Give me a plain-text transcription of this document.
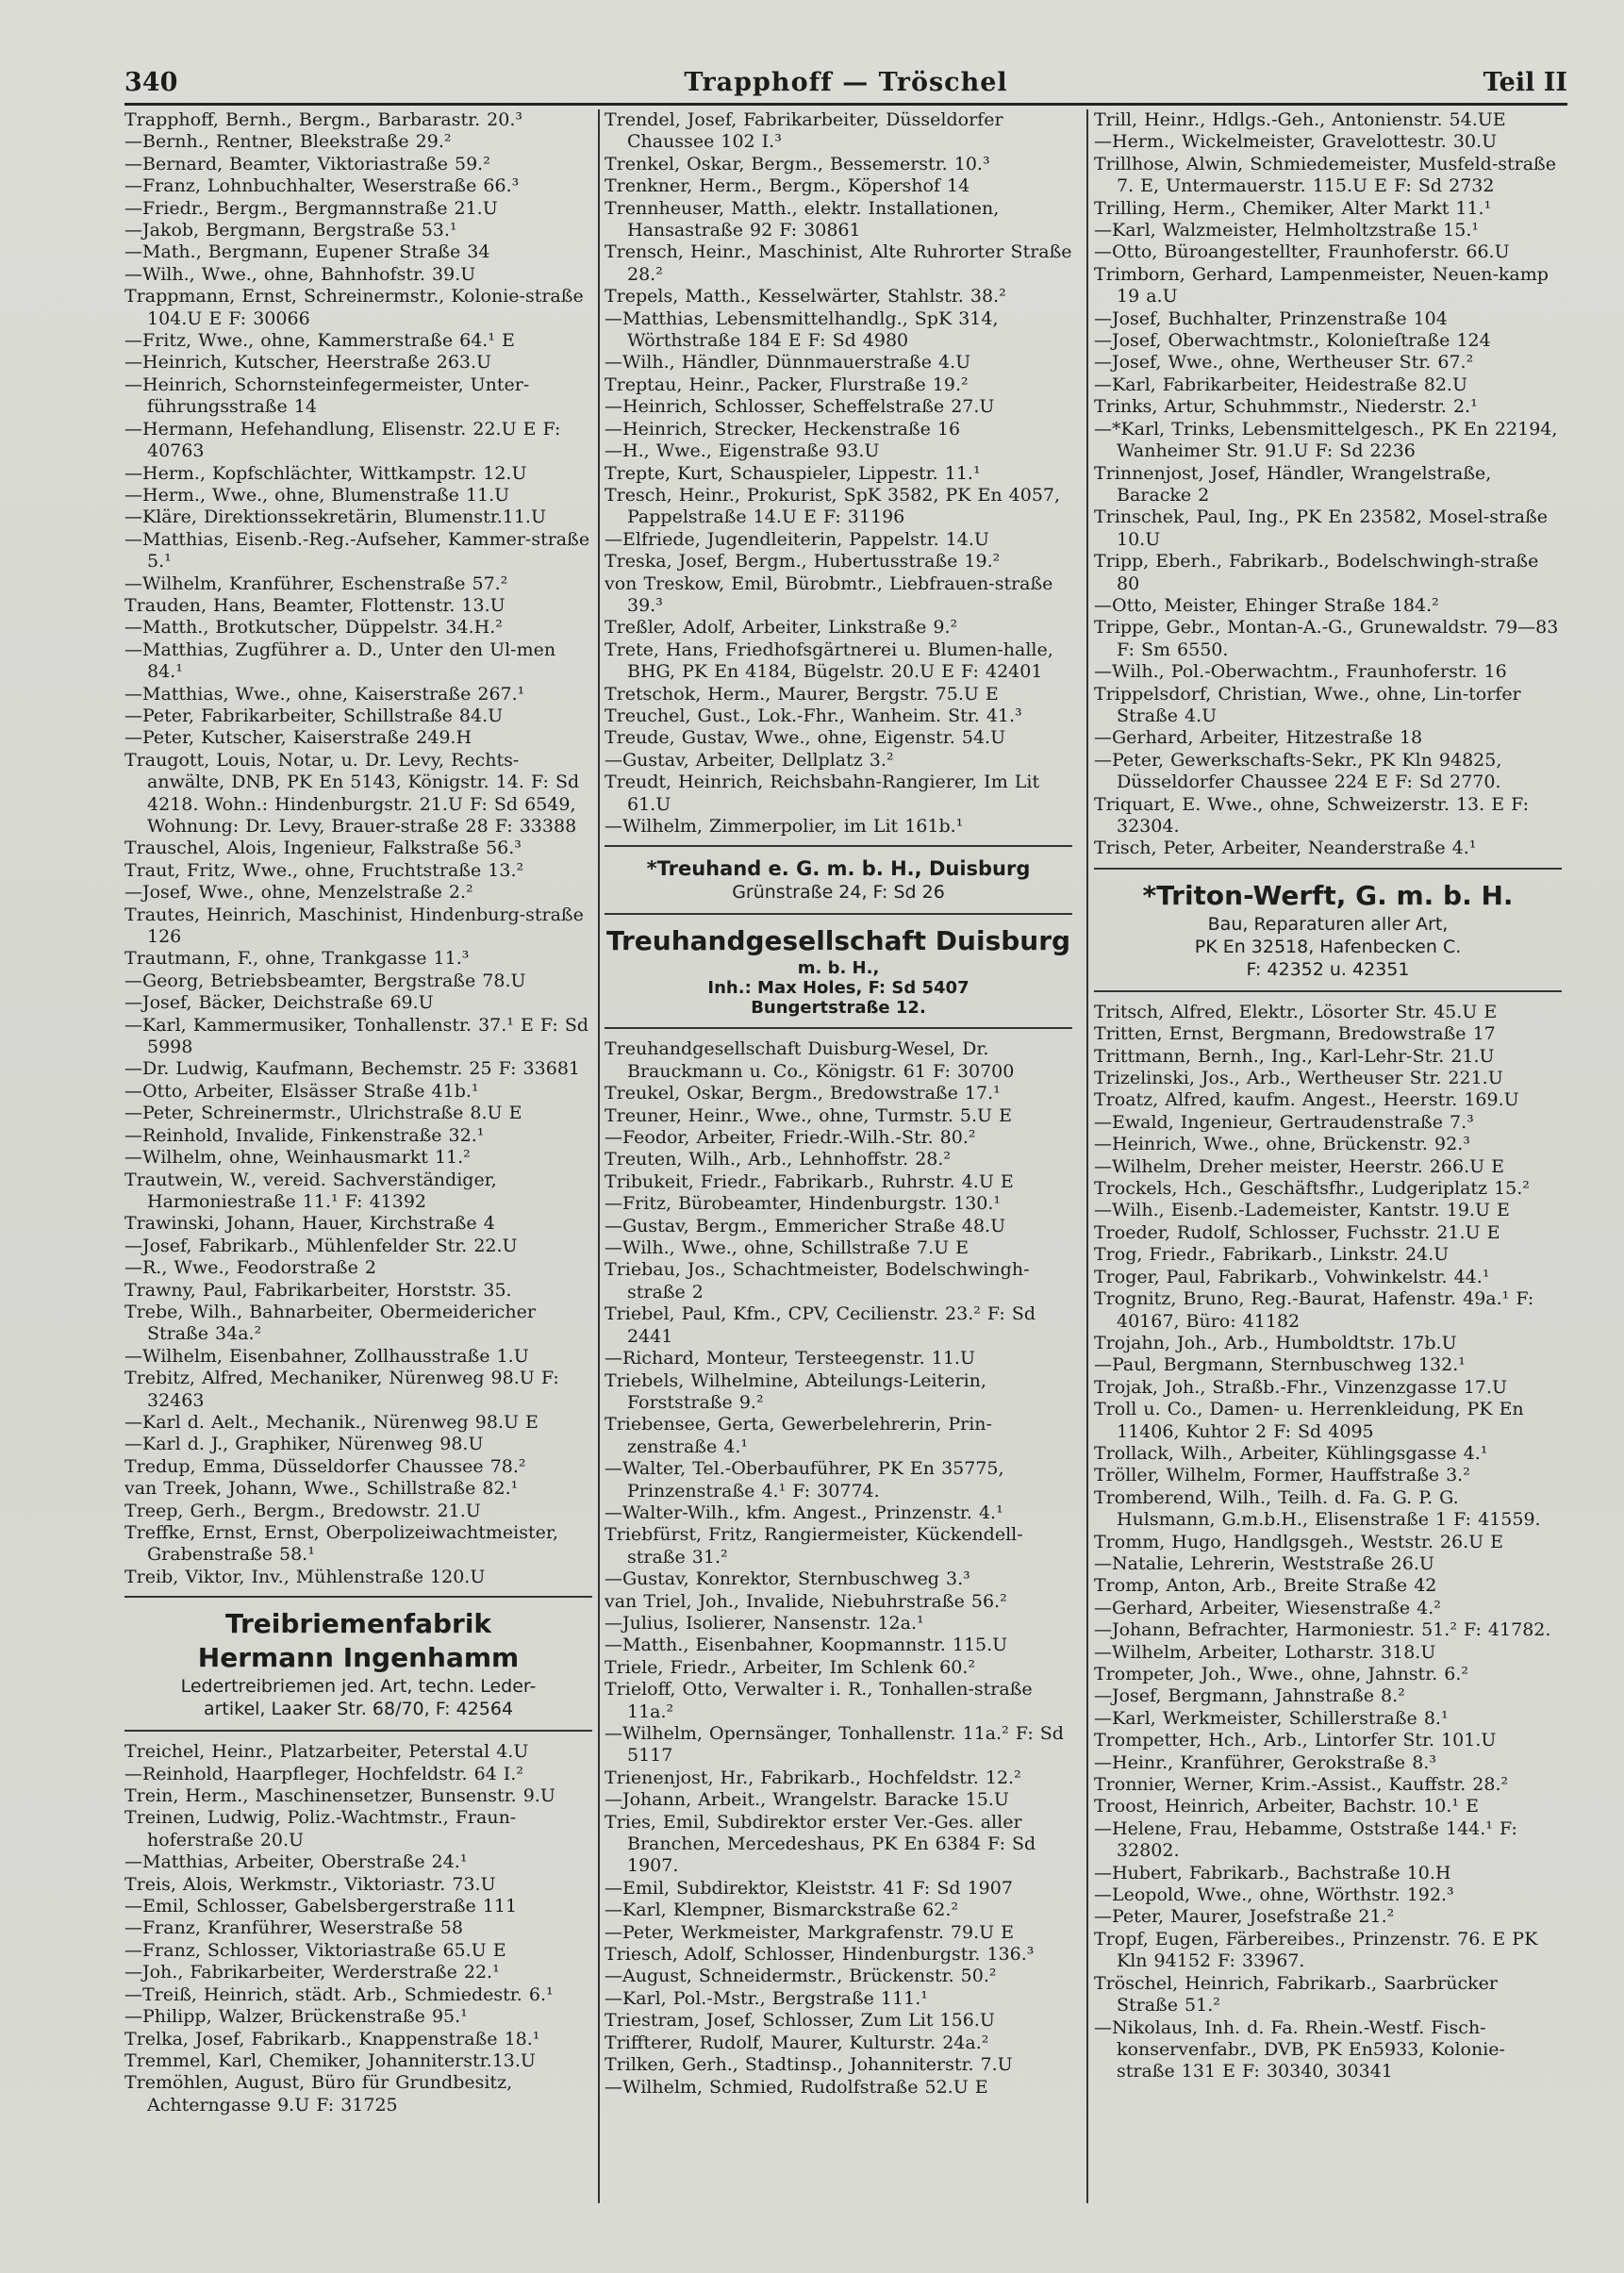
340	Trapphoff — Tröschel	Teil II
Trapphoff, Bernh., Bergm., Barbarastr. 20.³
—Bernh., Rentner, Bleekstraße 29.²
—Bernard, Beamter, Viktoriastraße 59.²
—Franz, Lohnbuchhalter, Weserstraße 66.³
—Friedr., Bergm., Bergmannstraße 21.U
—Jakob, Bergmann, Bergstraße 53.¹
—Math., Bergmann, Eupener Straße 34
—Wilh., Wwe., ohne, Bahnhofstr. 39.U
Trappmann, Ernst, Schreinermstr., Kolonie-straße 104.U E F: 30066
—Fritz, Wwe., ohne, Kammerstraße 64.¹ E
—Heinrich, Kutscher, Heerstraße 263.U
—Heinrich, Schornsteinfegermeister, Unter-führungsstraße 14
—Hermann, Hefehandlung, Elisenstr. 22.U E F: 40763
—Herm., Kopfschlächter, Wittkampstr. 12.U
—Herm., Wwe., ohne, Blumenstraße 11.U
—Kläre, Direktionssekretärin, Blumenstr.11.U
—Matthias, Eisenb.-Reg.-Aufseher, Kammer-straße 5.¹
—Wilhelm, Kranführer, Eschenstraße 57.²
Trauden, Hans, Beamter, Flottenstr. 13.U
—Matth., Brotkutscher, Düppelstr. 34.H.²
—Matthias, Zugführer a. D., Unter den Ul-men 84.¹
—Matthias, Wwe., ohne, Kaiserstraße 267.¹
—Peter, Fabrikarbeiter, Schillstraße 84.U
—Peter, Kutscher, Kaiserstraße 249.H
Traugott, Louis, Notar, u. Dr. Levy, Rechts-anwälte, DNB, PK En 5143, Königstr. 14. F: Sd 4218. Wohn.: Hindenburgstr. 21.U F: Sd 6549, Wohnung: Dr. Levy, Brauer-straße 28 F: 33388
Trauschel, Alois, Ingenieur, Falkstraße 56.³
Traut, Fritz, Wwe., ohne, Fruchtstraße 13.²
—Josef, Wwe., ohne, Menzelstraße 2.²
Trautes, Heinrich, Maschinist, Hindenburg-straße 126
Trautmann, F., ohne, Trankgasse 11.³
—Georg, Betriebsbeamter, Bergstraße 78.U
—Josef, Bäcker, Deichstraße 69.U
—Karl, Kammermusiker, Tonhallenstr. 37.¹ E F: Sd 5998
—Dr. Ludwig, Kaufmann, Bechemstr. 25 F: 33681
—Otto, Arbeiter, Elsässer Straße 41b.¹
—Peter, Schreinermstr., Ulrichstraße 8.U E
—Reinhold, Invalide, Finkenstraße 32.¹
—Wilhelm, ohne, Weinhausmarkt 11.²
Trautwein, W., vereid. Sachverständiger, Harmoniestraße 11.¹ F: 41392
Trawinski, Johann, Hauer, Kirchstraße 4
—Josef, Fabrikarb., Mühlenfelder Str. 22.U
—R., Wwe., Feodorstraße 2
Trawny, Paul, Fabrikarbeiter, Horststr. 35.
Trebe, Wilh., Bahnarbeiter, Obermeidericher Straße 34a.²
—Wilhelm, Eisenbahner, Zollhausstraße 1.U
Trebitz, Alfred, Mechaniker, Nürenweg 98.U F: 32463
—Karl d. Aelt., Mechanik., Nürenweg 98.U E
—Karl d. J., Graphiker, Nürenweg 98.U
Tredup, Emma, Düsseldorfer Chaussee 78.²
van Treek, Johann, Wwe., Schillstraße 82.¹
Treep, Gerh., Bergm., Bredowstr. 21.U
Treffke, Ernst, Ernst, Oberpolizeiwachtmeister, Grabenstraße 58.¹
Treib, Viktor, Inv., Mühlenstraße 120.U
Treibriemenfabrik
Hermann Ingenhamm
Ledertreibriemen jed. Art, techn. Leder-
artikel, Laaker Str. 68/70, F: 42564
Treichel, Heinr., Platzarbeiter, Peterstal 4.U
—Reinhold, Haarpfleger, Hochfeldstr. 64 I.²
Trein, Herm., Maschinensetzer, Bunsenstr. 9.U
Treinen, Ludwig, Poliz.-Wachtmstr., Fraun-hoferstraße 20.U
—Matthias, Arbeiter, Oberstraße 24.¹
Treis, Alois, Werkmstr., Viktoriastr. 73.U
—Emil, Schlosser, Gabelsbergerstraße 111
—Franz, Kranführer, Weserstraße 58
—Franz, Schlosser, Viktoriastraße 65.U E
—Joh., Fabrikarbeiter, Werderstraße 22.¹
—Treiß, Heinrich, städt. Arb., Schmiedestr. 6.¹
—Philipp, Walzer, Brückenstraße 95.¹
Trelka, Josef, Fabrikarb., Knappenstraße 18.¹
Tremmel, Karl, Chemiker, Johanniterstr.13.U
Tremöhlen, August, Büro für Grundbesitz, Achterngasse 9.U F: 31725
Trendel, Josef, Fabrikarbeiter, Düsseldorfer Chaussee 102 I.³
Trenkel, Oskar, Bergm., Bessemerstr. 10.³
Trenkner, Herm., Bergm., Köpershof 14
Trennheuser, Matth., elektr. Installationen, Hansastraße 92 F: 30861
Trensch, Heinr., Maschinist, Alte Ruhrorter Straße 28.²
Trepels, Matth., Kesselwärter, Stahlstr. 38.²
—Matthias, Lebensmittelhandlg., SpK 314, Wörthstraße 184 E F: Sd 4980
—Wilh., Händler, Dünnmauerstraße 4.U
Treptau, Heinr., Packer, Flurstraße 19.²
—Heinrich, Schlosser, Scheffelstraße 27.U
—Heinrich, Strecker, Heckenstraße 16
—H., Wwe., Eigenstraße 93.U
Trepte, Kurt, Schauspieler, Lippestr. 11.¹
Tresch, Heinr., Prokurist, SpK 3582, PK En 4057, Pappelstraße 14.U E F: 31196
—Elfriede, Jugendleiterin, Pappelstr. 14.U
Treska, Josef, Bergm., Hubertusstraße 19.²
von Treskow, Emil, Bürobmtr., Liebfrauen-straße 39.³
Treßler, Adolf, Arbeiter, Linkstraße 9.²
Trete, Hans, Friedhofsgärtnerei u. Blumen-halle, BHG, PK En 4184, Bügelstr. 20.U E F: 42401
Tretschok, Herm., Maurer, Bergstr. 75.U E
Treuchel, Gust., Lok.-Fhr., Wanheim. Str. 41.³
Treude, Gustav, Wwe., ohne, Eigenstr. 54.U
—Gustav, Arbeiter, Dellplatz 3.²
Treudt, Heinrich, Reichsbahn-Rangierer, Im Lit 61.U
—Wilhelm, Zimmerpolier, im Lit 161b.¹
*Treuhand e. G. m. b. H., Duisburg
Grünstraße 24, F: Sd 26
Treuhandgesellschaft Duisburg
m. b. H.,
Inh.: Max Holes, F: Sd 5407
Bungertstraße 12.
Treuhandgesellschaft Duisburg-Wesel, Dr. Brauckmann u. Co., Königstr. 61 F: 30700
Treukel, Oskar, Bergm., Bredowstraße 17.¹
Treuner, Heinr., Wwe., ohne, Turmstr. 5.U E
—Feodor, Arbeiter, Friedr.-Wilh.-Str. 80.²
Treuten, Wilh., Arb., Lehnhoffstr. 28.²
Tribukeit, Friedr., Fabrikarb., Ruhrstr. 4.U E
—Fritz, Bürobeamter, Hindenburgstr. 130.¹
—Gustav, Bergm., Emmericher Straße 48.U
—Wilh., Wwe., ohne, Schillstraße 7.U E
Triebau, Jos., Schachtmeister, Bodelschwingh-straße 2
Triebel, Paul, Kfm., CPV, Cecilienstr. 23.² F: Sd 2441
—Richard, Monteur, Tersteegenstr. 11.U
Triebels, Wilhelmine, Abteilungs-Leiterin, Forststraße 9.²
Triebensee, Gerta, Gewerbelehrerin, Prin-zenstraße 4.¹
—Walter, Tel.-Oberbauführer, PK En 35775, Prinzenstraße 4.¹ F: 30774.
—Walter-Wilh., kfm. Angest., Prinzenstr. 4.¹
Triebfürst, Fritz, Rangiermeister, Kückendell-straße 31.²
—Gustav, Konrektor, Sternbuschweg 3.³
van Triel, Joh., Invalide, Niebuhrstraße 56.²
—Julius, Isolierer, Nansenstr. 12a.¹
—Matth., Eisenbahner, Koopmannstr. 115.U
Triele, Friedr., Arbeiter, Im Schlenk 60.²
Trieloff, Otto, Verwalter i. R., Tonhallen-straße 11a.²
—Wilhelm, Opernsänger, Tonhallenstr. 11a.² F: Sd 5117
Trienenjost, Hr., Fabrikarb., Hochfeldstr. 12.²
—Johann, Arbeit., Wrangelstr. Baracke 15.U
Tries, Emil, Subdirektor erster Ver.-Ges. aller Branchen, Mercedeshaus, PK En 6384 F: Sd 1907.
—Emil, Subdirektor, Kleiststr. 41 F: Sd 1907
—Karl, Klempner, Bismarckstraße 62.²
—Peter, Werkmeister, Markgrafenstr. 79.U E
Triesch, Adolf, Schlosser, Hindenburgstr. 136.³
—August, Schneidermstr., Brückenstr. 50.²
—Karl, Pol.-Mstr., Bergstraße 111.¹
Triestram, Josef, Schlosser, Zum Lit 156.U
Triffterer, Rudolf, Maurer, Kulturstr. 24a.²
Trilken, Gerh., Stadtinsp., Johanniterstr. 7.U
—Wilhelm, Schmied, Rudolfstraße 52.U E
Trill, Heinr., Hdlgs.-Geh., Antonienstr. 54.UE
—Herm., Wickelmeister, Gravelottestr. 30.U
Trillhose, Alwin, Schmiedemeister, Musfeld-straße 7. E, Untermauerstr. 115.U E F: Sd 2732
Trilling, Herm., Chemiker, Alter Markt 11.¹
—Karl, Walzmeister, Helmholtzstraße 15.¹
—Otto, Büroangestellter, Fraunhoferstr. 66.U
Trimborn, Gerhard, Lampenmeister, Neuen-kamp 19 a.U
—Josef, Buchhalter, Prinzenstraße 104
—Josef, Oberwachtmstr., Kolonieſtraße 124
—Josef, Wwe., ohne, Wertheuser Str. 67.²
—Karl, Fabrikarbeiter, Heidestraße 82.U
Trinks, Artur, Schuhmmstr., Niederstr. 2.¹
—*Karl, Trinks, Lebensmittelgesch., PK En 22194, Wanheimer Str. 91.U F: Sd 2236
Trinnenjost, Josef, Händler, Wrangelstraße, Baracke 2
Trinschek, Paul, Ing., PK En 23582, Mosel-straße 10.U
Tripp, Eberh., Fabrikarb., Bodelschwingh-straße 80
—Otto, Meister, Ehinger Straße 184.²
Trippe, Gebr., Montan-A.-G., Grunewaldstr. 79—83 F: Sm 6550.
—Wilh., Pol.-Oberwachtm., Fraunhoferstr. 16
Trippelsdorf, Christian, Wwe., ohne, Lin-torfer Straße 4.U
—Gerhard, Arbeiter, Hitzestraße 18
—Peter, Gewerkschafts-Sekr., PK Kln 94825, Düsseldorfer Chaussee 224 E F: Sd 2770.
Triquart, E. Wwe., ohne, Schweizerstr. 13. E F: 32304.
Trisch, Peter, Arbeiter, Neanderstraße 4.¹
*Triton-Werft, G. m. b. H.
Bau, Reparaturen aller Art,
PK En 32518, Hafenbecken C.
F: 42352 u. 42351
Tritsch, Alfred, Elektr., Lösorter Str. 45.U E
Tritten, Ernst, Bergmann, Bredowstraße 17
Trittmann, Bernh., Ing., Karl-Lehr-Str. 21.U
Trizelinski, Jos., Arb., Wertheuser Str. 221.U
Troatz, Alfred, kaufm. Angest., Heerstr. 169.U
—Ewald, Ingenieur, Gertraudenstraße 7.³
—Heinrich, Wwe., ohne, Brückenstr. 92.³
—Wilhelm, Dreher meister, Heerstr. 266.U E
Trockels, Hch., Geschäftsfhr., Ludgeriplatz 15.²
—Wilh., Eisenb.-Lademeister, Kantstr. 19.U E
Troeder, Rudolf, Schlosser, Fuchsstr. 21.U E
Trog, Friedr., Fabrikarb., Linkstr. 24.U
Troger, Paul, Fabrikarb., Vohwinkelstr. 44.¹
Trognitz, Bruno, Reg.-Baurat, Hafenstr. 49a.¹ F: 40167, Büro: 41182
Trojahn, Joh., Arb., Humboldtstr. 17b.U
—Paul, Bergmann, Sternbuschweg 132.¹
Trojak, Joh., Straßb.-Fhr., Vinzenzgasse 17.U
Troll u. Co., Damen- u. Herrenkleidung, PK En 11406, Kuhtor 2 F: Sd 4095
Trollack, Wilh., Arbeiter, Kühlingsgasse 4.¹
Tröller, Wilhelm, Former, Hauffstraße 3.²
Tromberend, Wilh., Teilh. d. Fa. G. P. G. Hulsmann, G.m.b.H., Elisenstraße 1 F: 41559.
Tromm, Hugo, Handlgsgeh., Weststr. 26.U E
—Natalie, Lehrerin, Weststraße 26.U
Tromp, Anton, Arb., Breite Straße 42
—Gerhard, Arbeiter, Wiesenstraße 4.²
—Johann, Befrachter, Harmoniestr. 51.² F: 41782.
—Wilhelm, Arbeiter, Lotharstr. 318.U
Trompeter, Joh., Wwe., ohne, Jahnstr. 6.²
—Josef, Bergmann, Jahnstraße 8.²
—Karl, Werkmeister, Schillerstraße 8.¹
Trompetter, Hch., Arb., Lintorfer Str. 101.U
—Heinr., Kranführer, Gerokstraße 8.³
Tronnier, Werner, Krim.-Assist., Kauffstr. 28.²
Troost, Heinrich, Arbeiter, Bachstr. 10.¹ E
—Helene, Frau, Hebamme, Oststraße 144.¹ F: 32802.
—Hubert, Fabrikarb., Bachstraße 10.H
—Leopold, Wwe., ohne, Wörthstr. 192.³
—Peter, Maurer, Josefstraße 21.²
Tropf, Eugen, Färbereibes., Prinzenstr. 76. E PK Kln 94152 F: 33967.
Tröschel, Heinrich, Fabrikarb., Saarbrücker Straße 51.²
—Nikolaus, Inh. d. Fa. Rhein.-Westf. Fisch-konservenfabr., DVB, PK En5933, Kolonie-straße 131 E F: 30340, 30341
